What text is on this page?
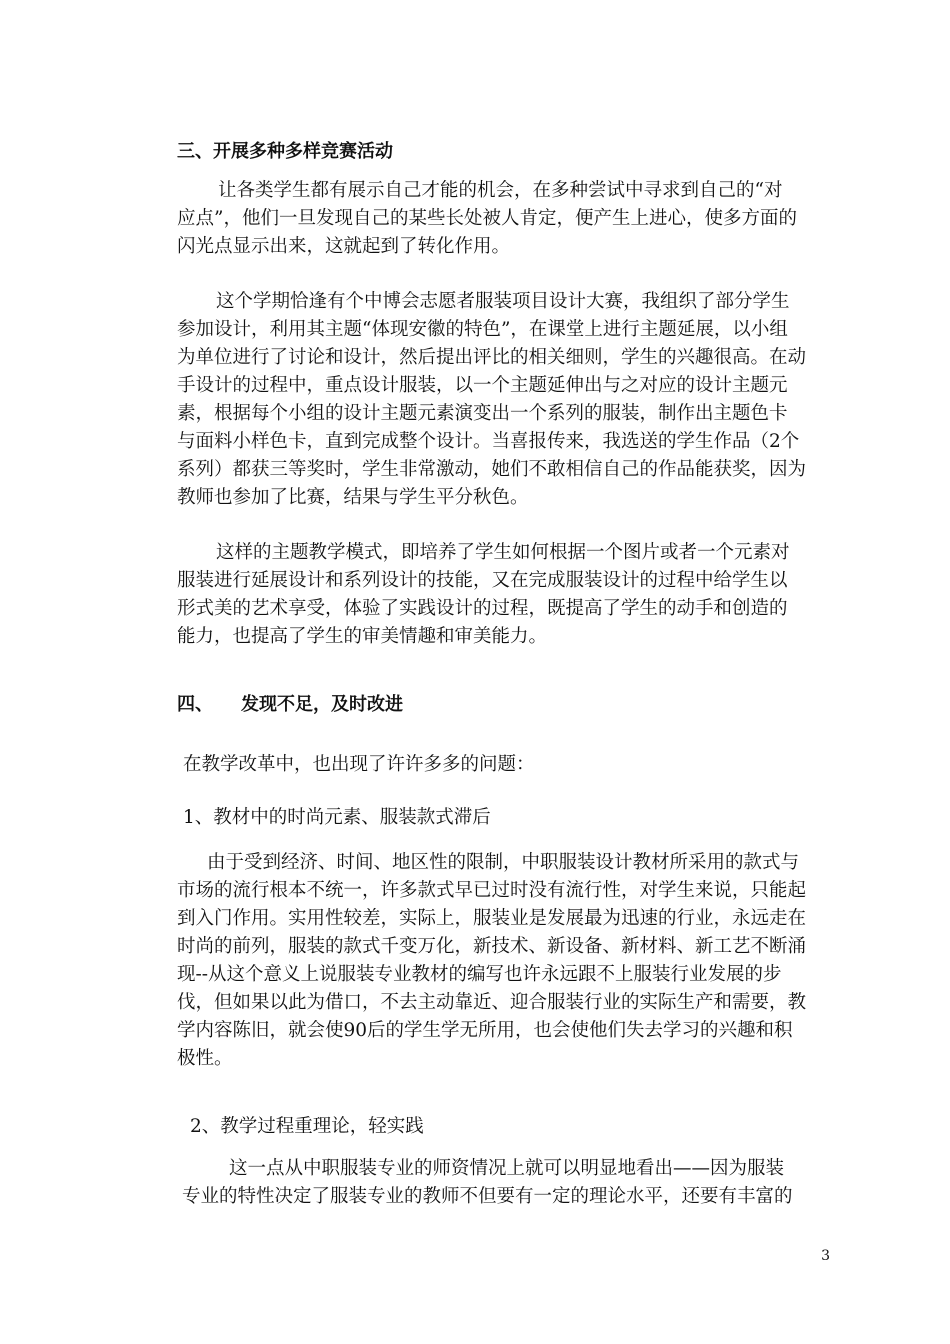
三、开展多种多样竞赛活动
让各类学生都有展示自己才能的机会，在多种尝试中寻求到自己的“对
应点”，他们一旦发现自己的某些长处被人肯定，便产生上进心，使多方面的
闪光点显示出来，这就起到了转化作用。
这个学期恰逢有个中博会志愿者服装项目设计大赛，我组织了部分学生
参加设计，利用其主题“体现安徽的特色”，在课堂上进行主题延展，以小组
为单位进行了讨论和设计，然后提出评比的相关细则，学生的兴趣很高。在动
手设计的过程中，重点设计服装，以一个主题延伸出与之对应的设计主题元
素，根据每个小组的设计主题元素演变出一个系列的服装，制作出主题色卡
与面料小样色卡，直到完成整个设计。当喜报传来，我选送的学生作品（2个
系列）都获三等奖时，学生非常激动，她们不敢相信自己的作品能获奖，因为
教师也参加了比赛，结果与学生平分秋色。
这样的主题教学模式，即培养了学生如何根据一个图片或者一个元素对
服装进行延展设计和系列设计的技能，又在完成服装设计的过程中给学生以
形式美的艺术享受，体验了实践设计的过程，既提高了学生的动手和创造的
能力，也提高了学生的审美情趣和审美能力。
四、	发现不足，及时改进
在教学改革中，也出现了许许多多的问题：
1、教材中的时尚元素、服装款式滞后
由于受到经济、时间、地区性的限制，中职服装设计教材所采用的款式与
市场的流行根本不统一，许多款式早已过时没有流行性，对学生来说，只能起
到入门作用。实用性较差，实际上，服装业是发展最为迅速的行业，永远走在
时尚的前列，服装的款式千变万化，新技术、新设备、新材料、新工艺不断涌
现--从这个意义上说服装专业教材的编写也许永远跟不上服装行业发展的步
伐，但如果以此为借口，不去主动靠近、迎合服装行业的实际生产和需要，教
学内容陈旧，就会使90后的学生学无所用，也会使他们失去学习的兴趣和积
极性。
2、教学过程重理论，轻实践
这一点从中职服装专业的师资情况上就可以明显地看出——因为服装
专业的特性决定了服装专业的教师不但要有一定的理论水平，还要有丰富的
3
